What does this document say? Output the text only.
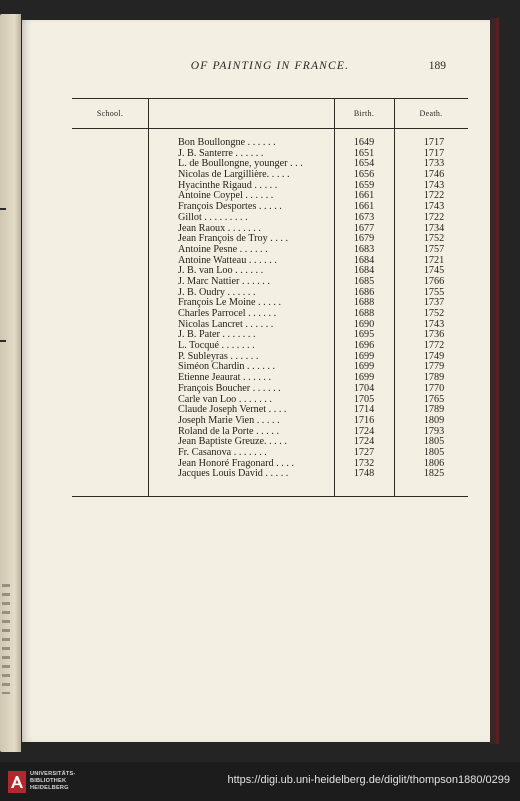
OF PAINTING IN FRANCE.	189
School.	Birth.	Death.
Bon Boullongne . . . . . .	1649	1717
J. B. Santerre . . . . . .	1651	1717
L. de Boullongne, younger . . .	1654	1733
Nicolas de Largillière. . . . .	1656	1746
Hyacinthe Rigaud . . . . .	1659	1743
Antoine Coypel . . . . . .	1661	1722
François Desportes . . . . .	1661	1743
Gillot . . . . . . . . .	1673	1722
Jean Raoux . . . . . . .	1677	1734
Jean François de Troy . . . .	1679	1752
Antoine Pesne . . . . . .	1683	1757
Antoine Watteau . . . . . .	1684	1721
J. B. van Loo . . . . . .	1684	1745
J. Marc Nattier . . . . . .	1685	1766
J. B. Oudry . . . . . .	1686	1755
François Le Moine . . . . .	1688	1737
Charles Parrocel . . . . . .	1688	1752
Nicolas Lancret . . . . . .	1690	1743
J. B. Pater . . . . . . .	1695	1736
L. Tocqué . . . . . . .	1696	1772
P. Subleyras . . . . . .	1699	1749
Siméon Chardin . . . . . .	1699	1779
Etienne Jeaurat . . . . . .	1699	1789
François Boucher . . . . . .	1704	1770
Carle van Loo . . . . . . .	1705	1765
Claude Joseph Vernet . . . .	1714	1789
Joseph Marie Vien . . . . .	1716	1809
Roland de la Porte . . . . .	1724	1793
Jean Baptiste Greuze. . . . .	1724	1805
Fr. Casanova . . . . . . .	1727	1805
Jean Honoré Fragonard . . . .	1732	1806
Jacques Louis David . . . . .	1748	1825
UNIVERSITÄTS-
BIBLIOTHEK
HEIDELBERG
https://digi.ub.uni-heidelberg.de/diglit/thompson1880/0299
